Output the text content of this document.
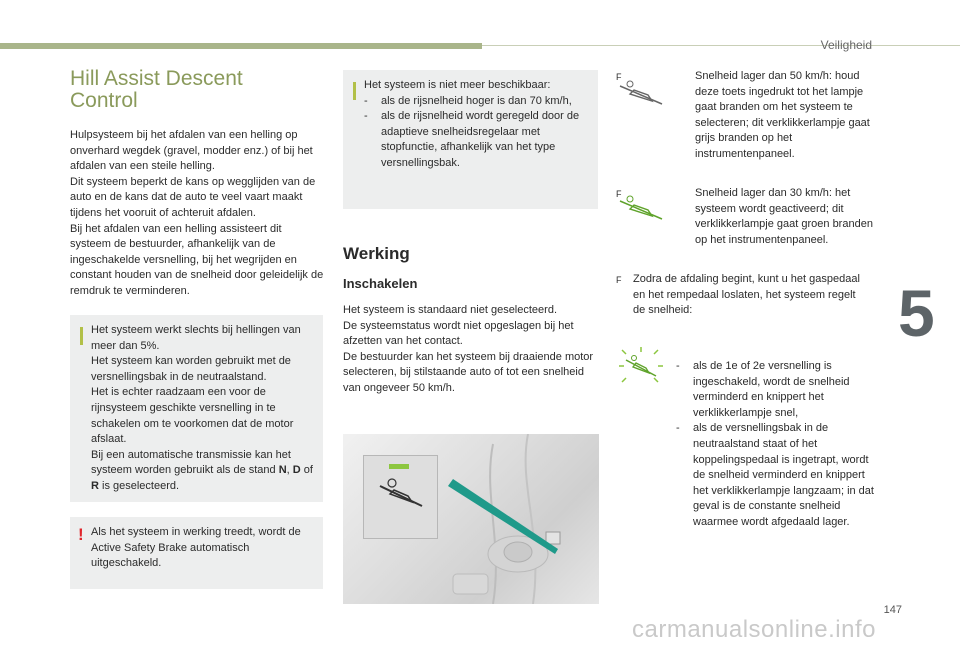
Veiligheid
5
Hill Assist Descent
Control

Hulpsysteem bij het afdalen van een helling op onverhard wegdek (gravel, modder enz.) of bij het afdalen van een steile helling.

Dit systeem beperkt de kans op wegglijden van de auto en de kans dat de auto te veel vaart maakt tijdens het vooruit of achteruit afdalen.

Bij het afdalen van een helling assisteert dit systeem de bestuurder, afhankelijk van de ingeschakelde versnelling, bij het wegrijden en constant houden van de snelheid door geleidelijk de remdruk te verminderen.

Het systeem werkt slechts bij hellingen van meer dan 5%.

Het systeem kan worden gebruikt met de versnellingsbak in de neutraalstand.

Het is echter raadzaam een voor de rijnsysteem geschikte versnelling in te schakelen om te voorkomen dat de motor afslaat.

Bij een automatische transmissie kan het systeem worden gebruikt als de stand N, D of R is geselecteerd.

! Als het systeem in werking treedt, wordt de Active Safety Brake automatisch uitgeschakeld.

Het systeem is niet meer beschikbaar:

- als de rijsnelheid hoger is dan 70 km/h,
- als de rijsnelheid wordt geregeld door de adaptieve snelheidsregelaar met stopfunctie, afhankelijk van het type versnellingsbak.
Werking
Inschakelen

Het systeem is standaard niet geselecteerd.

De systeemstatus wordt niet opgeslagen bij het afzetten van het contact.

De bestuurder kan het systeem bij draaiende motor selecteren, bij stilstaande auto of tot een snelheid van ongeveer 50 km/h.

F	Snelheid lager dan 50 km/h: houd deze toets ingedrukt tot het lampje gaat branden om het systeem te selecteren; dit verklikkerlampje gaat grijs branden op het instrumentenpaneel.
F	Snelheid lager dan 30 km/h: het systeem wordt geactiveerd; dit verklikkerlampje gaat groen branden op het instrumentenpaneel.
F Zodra de afdaling begint, kunt u het gaspedaal en het rempedaal loslaten, het systeem regelt de snelheid:
- als de 1e of 2e versnelling is ingeschakeld, wordt de snelheid verminderd en knippert het verklikkerlampje snel,
- als de versnellingsbak in de neutraalstand staat of het koppelingspedaal is ingetrapt, wordt de snelheid verminderd en knippert het verklikkerlampje langzaam; in dat geval is de constante snelheid waarmee wordt afgedaald lager.
147
carmanualsonline.info
